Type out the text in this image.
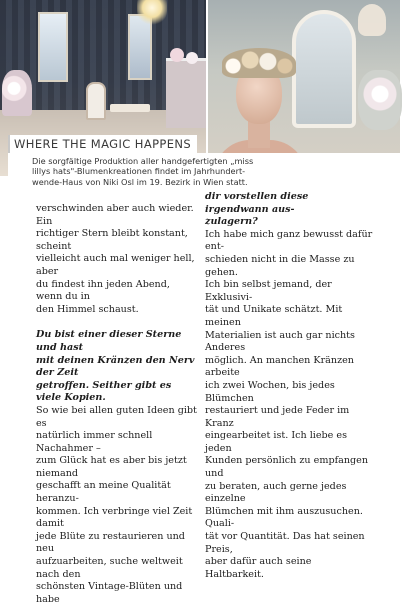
WHERE THE MAGIC HAPPENS

Die sorgfältige Produktion aller handgefertigten „miss

lillys hats"-Blumenkreationen findet im Jahrhundert-

wende-Haus von Niki Osl im 19. Bezirk in Wien statt.

verschwinden aber auch wieder. Ein

richtiger Stern bleibt konstant, scheint

vielleicht auch mal weniger hell, aber

du findest ihn jeden Abend, wenn du in

den Himmel schaust.

Du bist einer dieser Sterne und hast

mit deinen Kränzen den Nerv der Zeit

getroffen. Seither gibt es viele Kopien.

So wie bei allen guten Ideen gibt es

natürlich immer schnell Nachahmer –

zum Glück hat es aber bis jetzt niemand

geschafft an meine Qualität heranzu-

kommen. Ich verbringe viel Zeit damit

jede Blüte zu restaurieren und neu

aufzuarbeiten, suche weltweit nach den

schönsten Vintage-Blüten und habe

dir vorstellen diese irgendwann aus-

zulagern?

Ich habe mich ganz bewusst dafür ent-

schieden nicht in die Masse zu gehen.

Ich bin selbst jemand, der Exklusivi-

tät und Unikate schätzt. Mit meinen

Materialien ist auch gar nichts Anderes

möglich. An manchen Kränzen arbeite

ich zwei Wochen, bis jedes Blümchen

restauriert und jede Feder im Kranz

eingearbeitet ist. Ich liebe es jeden

Kunden persönlich zu empfangen und

zu beraten, auch gerne jedes einzelne

Blümchen mit ihm auszusuchen. Quali-

tät vor Quantität. Das hat seinen Preis,

aber dafür auch seine Haltbarkeit.
